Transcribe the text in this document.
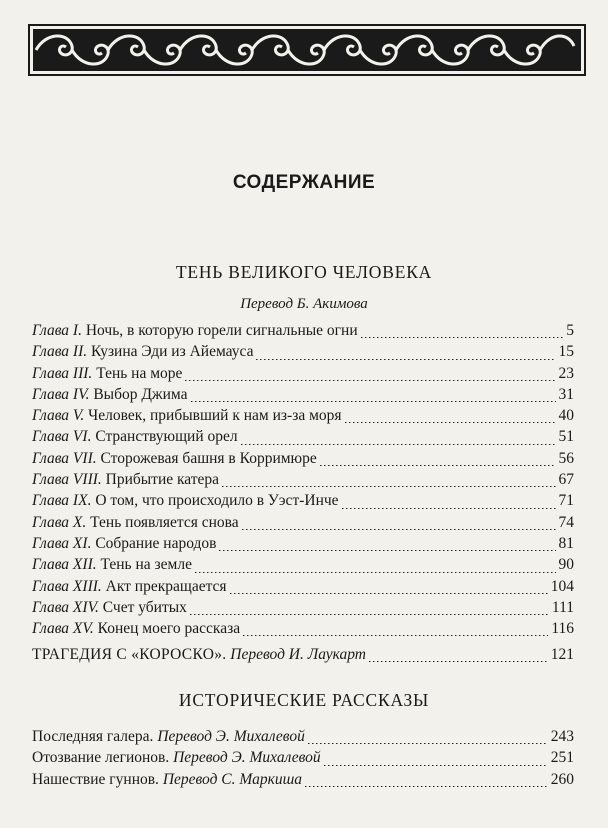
СОДЕРЖАНИЕ
ТЕНЬ ВЕЛИКОГО ЧЕЛОВЕКА
Перевод Б. Акимова
Глава I. Ночь, в которую горели сигнальные огни	5
Глава II. Кузина Эди из Айемауса	15
Глава III. Тень на море	23
Глава IV. Выбор Джима	31
Глава V. Человек, прибывший к нам из-за моря	40
Глава VI. Странствующий орел	51
Глава VII. Сторожевая башня в Корримюре	56
Глава VIII. Прибытие катера	67
Глава IX. О том, что происходило в Уэст-Инче	71
Глава X. Тень появляется снова	74
Глава XI. Собрание народов	81
Глава XII. Тень на земле	90
Глава XIII. Акт прекращается	104
Глава XIV. Счет убитых	111
Глава XV. Конец моего рассказа	116
ТРАГЕДИЯ С «КОРОСКО». Перевод И. Лаукарт	121
ИСТОРИЧЕСКИЕ РАССКАЗЫ
Последняя галера. Перевод Э. Михалевой	243
Отозвание легионов. Перевод Э. Михалевой	251
Нашествие гуннов. Перевод С. Маркиша	260
